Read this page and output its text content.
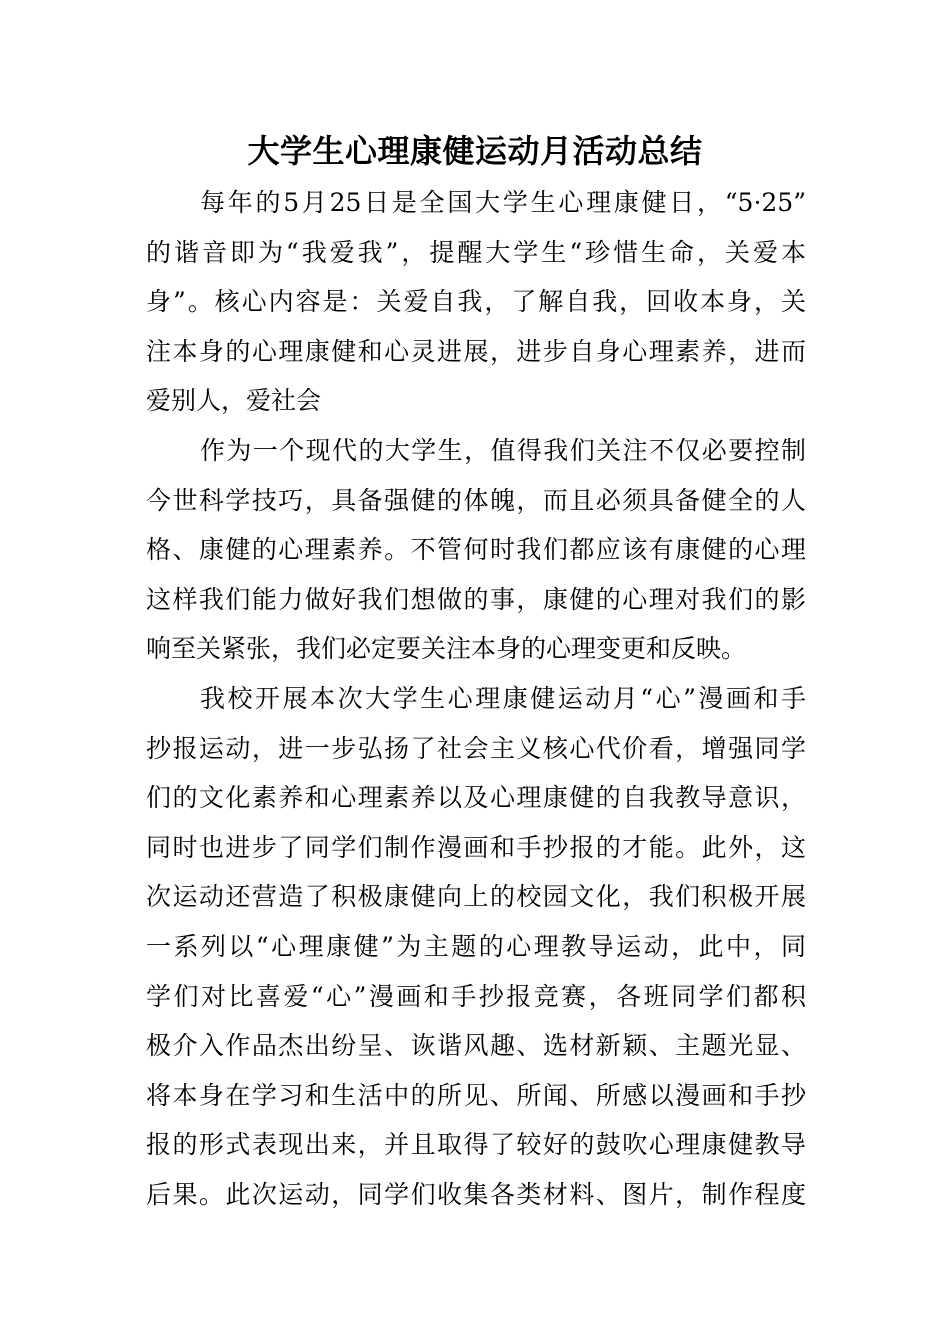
大学生心理康健运动月活动总结
每年的5月25日是全国大学生心理康健日，“5·25”
的谐音即为“我爱我”，提醒大学生“珍惜生命，关爱本
身”。核心内容是：关爱自我，了解自我，回收本身，关
注本身的心理康健和心灵进展，进步自身心理素养，进而
爱别人，爱社会
作为一个现代的大学生，值得我们关注不仅必要控制
今世科学技巧，具备强健的体魄，而且必须具备健全的人
格、康健的心理素养。不管何时我们都应该有康健的心理
这样我们能力做好我们想做的事，康健的心理对我们的影
响至关紧张，我们必定要关注本身的心理变更和反映。
我校开展本次大学生心理康健运动月“心”漫画和手
抄报运动，进一步弘扬了社会主义核心代价看，增强同学
们的文化素养和心理素养以及心理康健的自我教导意识，
同时也进步了同学们制作漫画和手抄报的才能。此外，这
次运动还营造了积极康健向上的校园文化，我们积极开展
一系列以“心理康健”为主题的心理教导运动，此中，同
学们对比喜爱“心”漫画和手抄报竞赛，各班同学们都积
极介入作品杰出纷呈、诙谐风趣、选材新颖、主题光显、
将本身在学习和生活中的所见、所闻、所感以漫画和手抄
报的形式表现出来，并且取得了较好的鼓吹心理康健教导
后果。此次运动，同学们收集各类材料、图片，制作程度
